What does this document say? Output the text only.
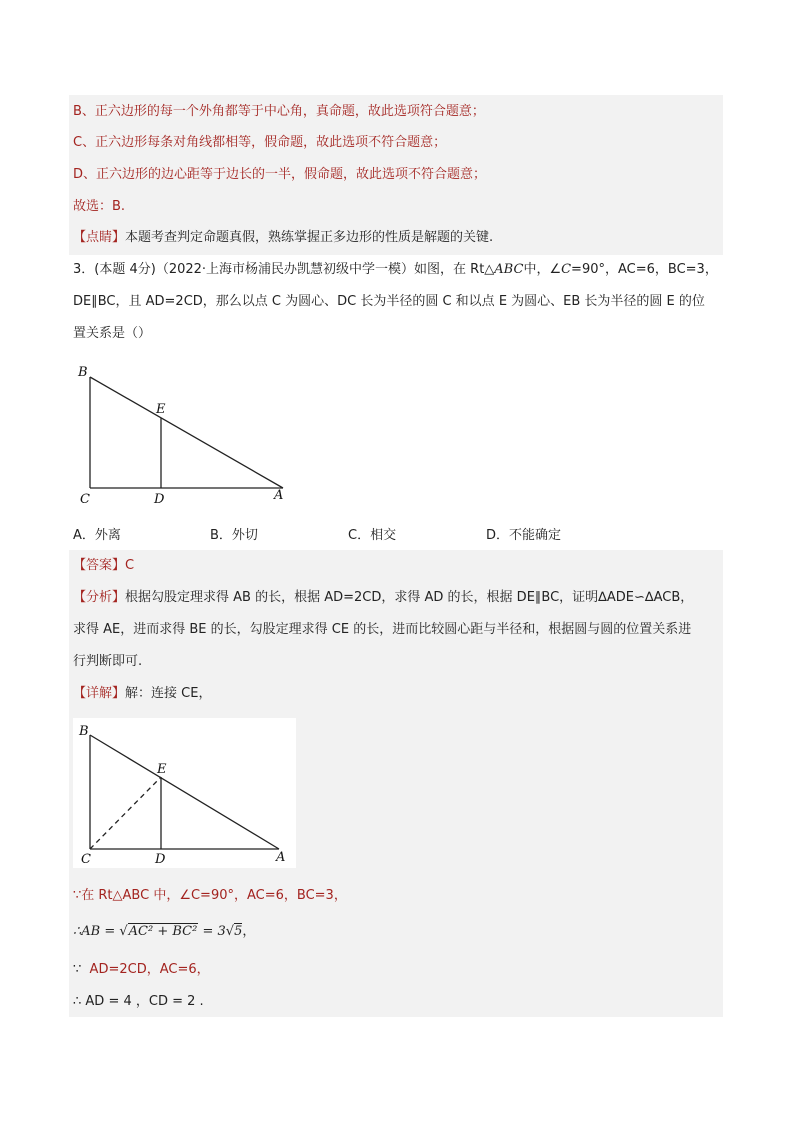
B、正六边形的每一个外角都等于中心角，真命题，故此选项符合题意；
C、正六边形每条对角线都相等，假命题，故此选项不符合题意；
D、正六边形的边心距等于边长的一半，假命题，故此选项不符合题意；
故选：B.
【点睛】本题考查判定命题真假，熟练掌握正多边形的性质是解题的关键.
3．(本题 4分)（2022·上海市杨浦民办凯慧初级中学一模）如图，在 Rt△ABC中，∠C=90°，AC=6，BC=3，
DE∥BC，且 AD=2CD，那么以点 C 为圆心、DC 长为半径的圆 C 和以点 E 为圆心、EB 长为半径的圆 E 的位
置关系是（）
B
E
C	D	A
A．外离	B．外切	C．相交	D．不能确定
【答案】C
【分析】根据勾股定理求得 AB 的长，根据 AD=2CD，求得 AD 的长，根据 DE∥BC，证明∆ADE∽∆ACB，
求得 AE，进而求得 BE 的长，勾股定理求得 CE 的长，进而比较圆心距与半径和，根据圆与圆的位置关系进
行判断即可.
【详解】解：连接 CE，
B
E
C	D	A
∵在 Rt△ABC 中，∠C=90°，AC=6，BC=3，
∴AB = √AC² + BC² = 3√5，
∵ AD=2CD，AC=6，
∴ AD = 4 ，CD = 2 .
